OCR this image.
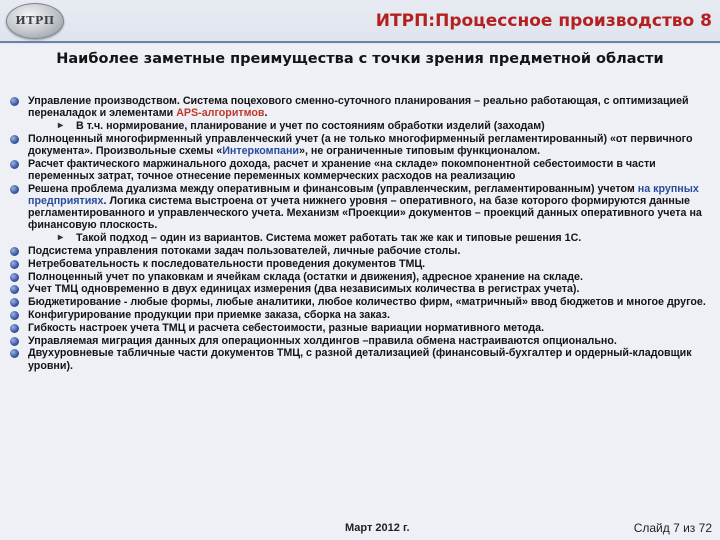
ИТРП	ИТРП:Процессное производство 8
Наиболее заметные преимущества с точки зрения предметной области
Управление производством. Система поцехового сменно-суточного планирования – реально работающая, с оптимизацией переналадок и элементами APS-алгоритмов.
▸ В т.ч. нормирование, планирование и учет по состояниям обработки изделий (заходам)
Полноценный многофирменный управленческий учет (а не только многофирменный регламентированный) «от первичного документа». Произвольные схемы «Интеркомпани», не ограниченные типовым функционалом.
Расчет фактического маржинального дохода, расчет и хранение «на складе» покомпонентной себестоимости в части переменных затрат, точное отнесение переменных коммерческих расходов на реализацию
Решена проблема дуализма между оперативным и финансовым (управленческим, регламентированным) учетом на крупных предприятиях. Логика система выстроена от учета нижнего уровня – оперативного, на базе которого формируются данные регламентированного и управленческого учета. Механизм «Проекции» документов – проекций данных оперативного учета на финансовую плоскость.
▸ Такой подход – один из вариантов. Система может работать так же как и типовые решения 1С.
Подсистема управления потоками задач пользователей, личные рабочие столы.
Нетребовательность к последовательности проведения документов ТМЦ.
Полноценный учет по упаковкам и ячейкам склада (остатки и движения), адресное хранение на складе.
Учет ТМЦ одновременно в двух единицах измерения (два независимых количества в регистрах учета).
Бюджетирование - любые формы, любые аналитики, любое количество фирм, «матричный» ввод бюджетов и многое другое.
Конфигурирование продукции при приемке заказа, сборка на заказ.
Гибкость настроек учета ТМЦ и расчета себестоимости, разные вариации нормативного метода.
Управляемая миграция данных для операционных холдингов –правила обмена настраиваются опционально.
Двухуровневые табличные части документов ТМЦ, с разной детализацией (финансовый-бухгалтер и ордерный-кладовщик уровни).
Март 2012 г.	Слайд 7 из 72
